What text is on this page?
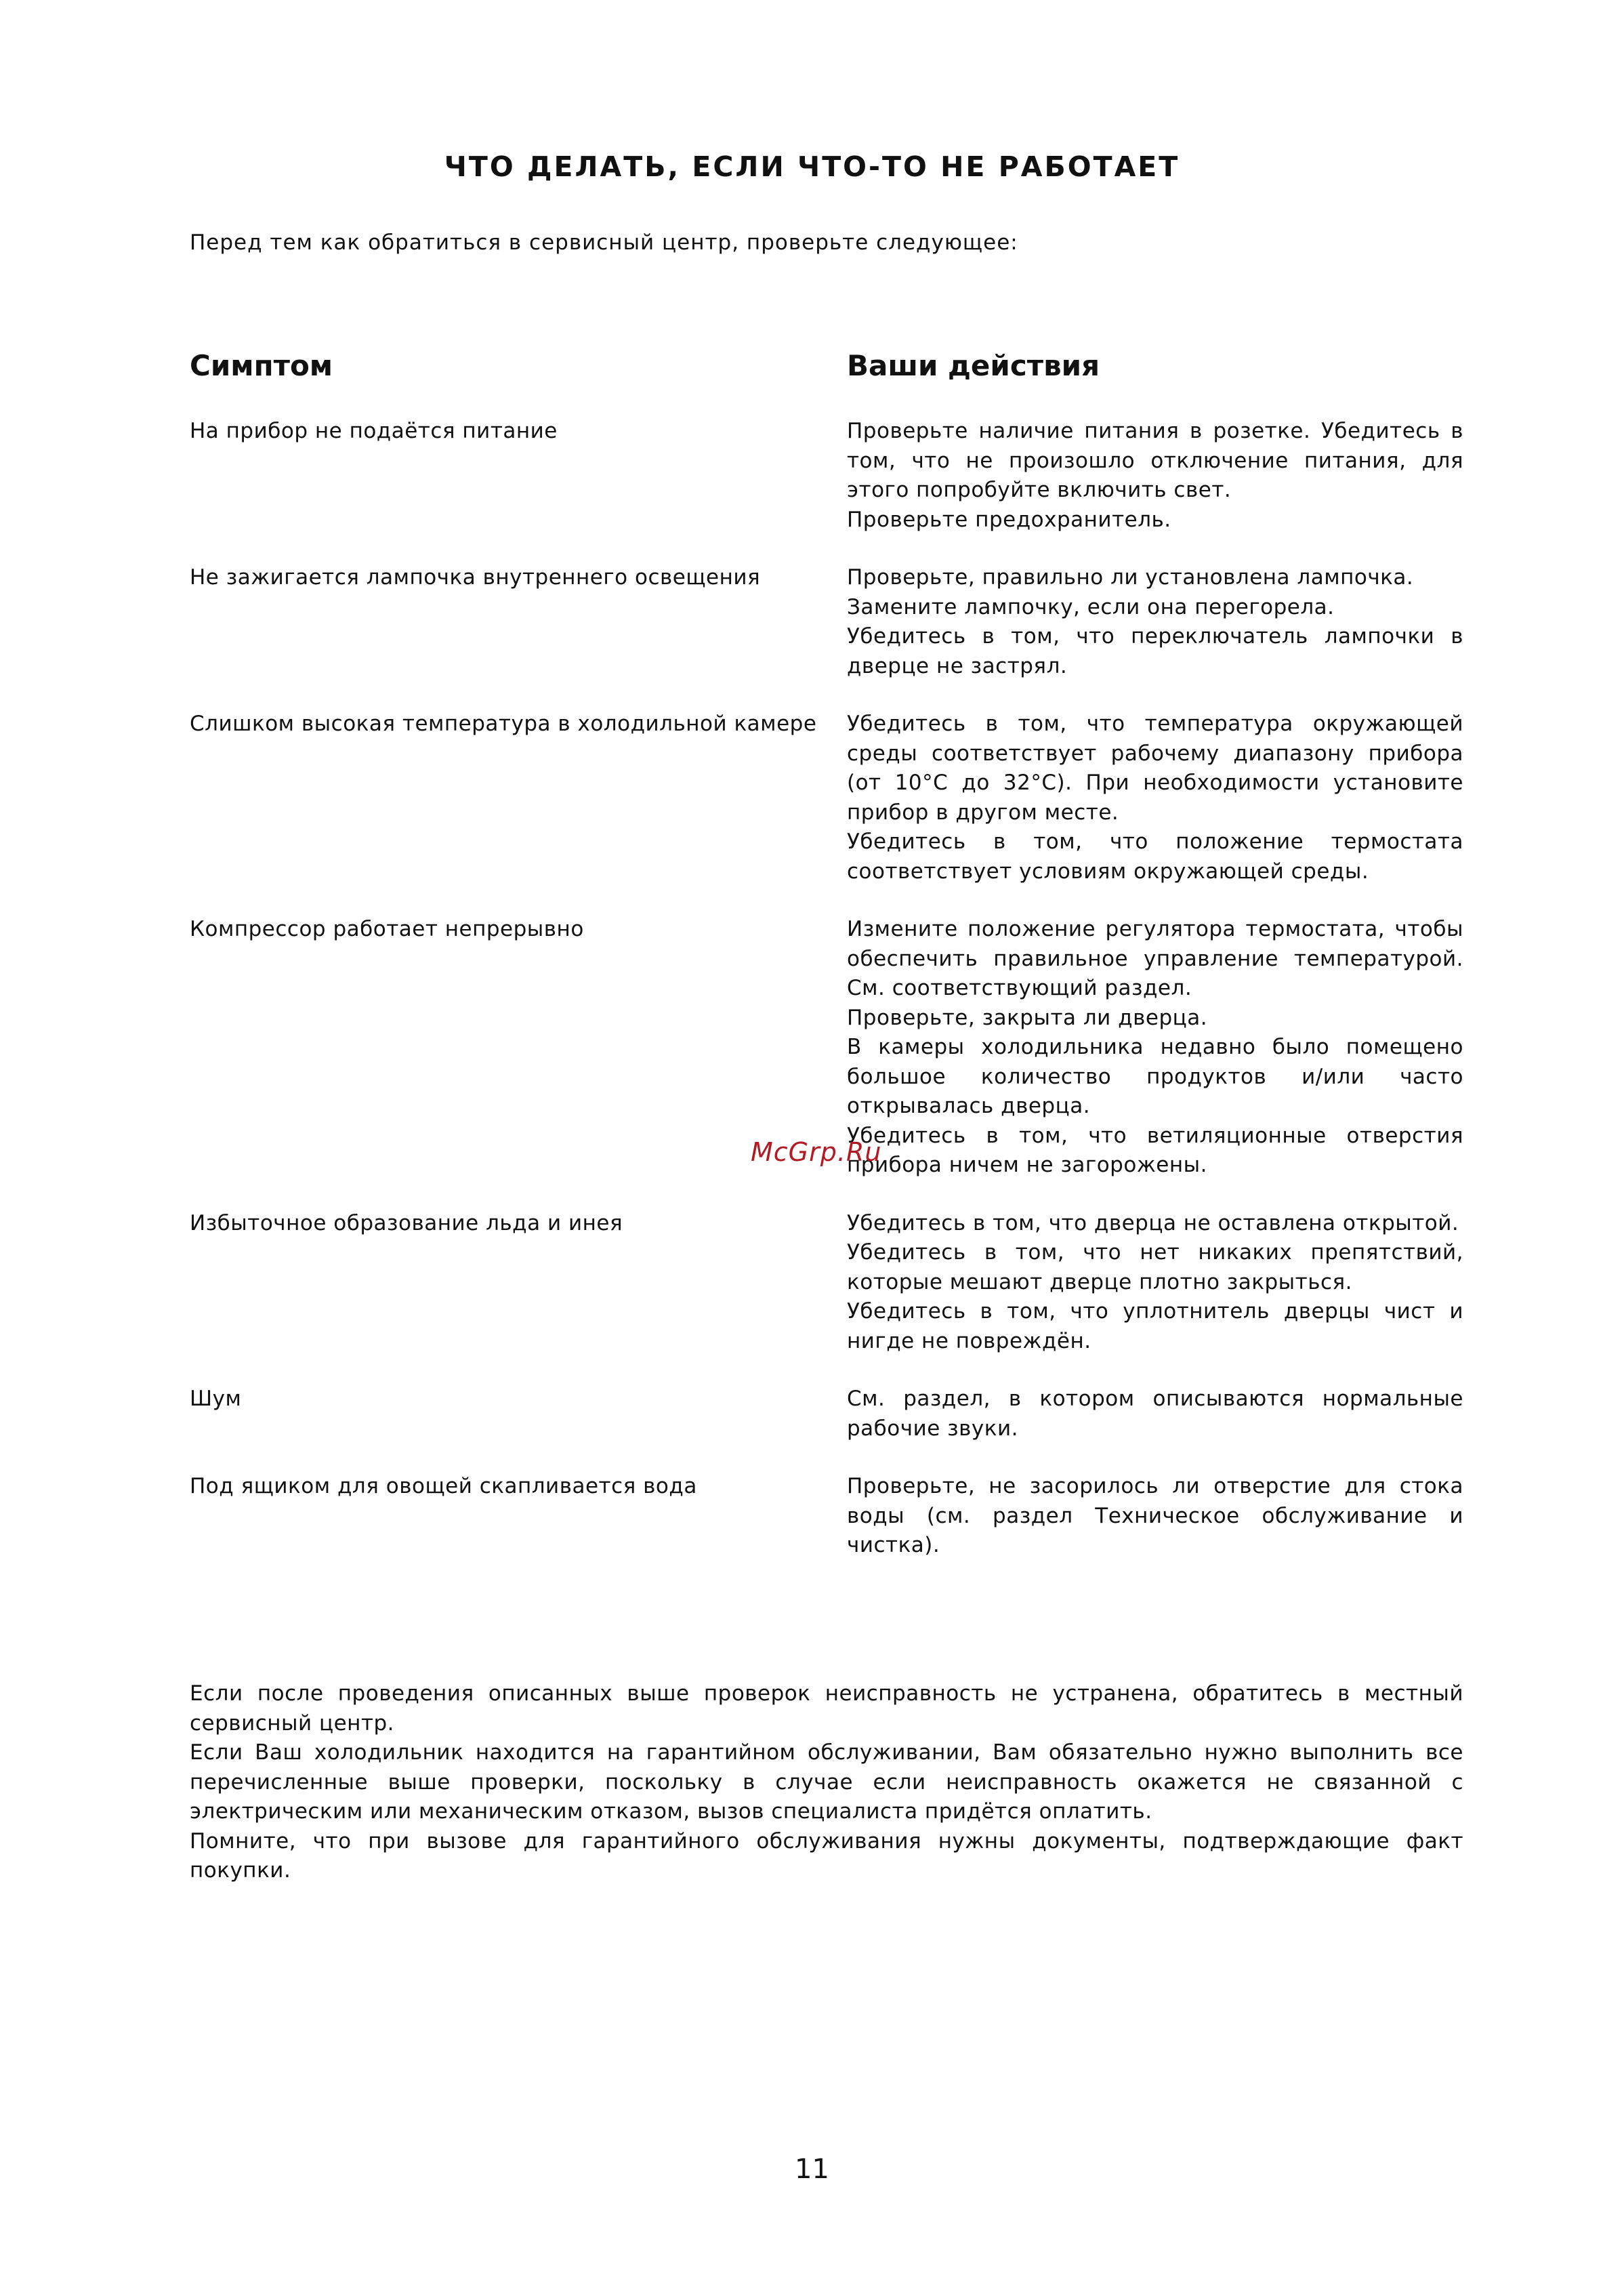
ЧТО ДЕЛАТЬ, ЕСЛИ ЧТО-ТО НЕ РАБОТАЕТ
Перед тем как обратиться в сервисный центр, проверьте следующее:
Симптом	Ваши действия
На прибор не подаётся питание	Проверьте наличие питания в розетке. Убедитесь в том, что не произошло отключение питания, для этого попробуйте включить свет.

Проверьте предохранитель.

Не зажигается лампочка внутреннего освещения	Проверьте, правильно ли установлена лампочка.

Замените лампочку, если она перегорела.

Убедитесь в том, что переключатель лампочки в дверце не застрял.

Слишком высокая температура в холодильной камере	Убедитесь в том, что температура окружающей среды соответствует рабочему диапазону прибора (от 10°С до 32°С). При необходимости установите прибор в другом месте.

Убедитесь в том, что положение термостата соответствует условиям окружающей среды.

Компрессор работает непрерывно	Измените положение регулятора термостата, чтобы обеспечить правильное управление температурой. См. соответствующий раздел.

Проверьте, закрыта ли дверца.

В камеры холодильника недавно было помещено большое количество продуктов и/или часто открывалась дверца.

Убедитесь в том, что ветиляционные отверстия прибора ничем не загорожены.

Избыточное образование льда и инея	Убедитесь в том, что дверца не оставлена открытой.

Убедитесь в том, что нет никаких препятствий, которые мешают дверце плотно закрыться.

Убедитесь в том, что уплотнитель дверцы чист и нигде не повреждён.

Шум	См. раздел, в котором описываются нормальные рабочие звуки.

Под ящиком для овощей скапливается вода	Проверьте, не засорилось ли отверстие для стока воды (см. раздел Техническое обслуживание и чистка).

Если после проведения описанных выше проверок неисправность не устранена, обратитесь в местный сервисный центр.

Если Ваш холодильник находится на гарантийном обслуживании, Вам обязательно нужно выполнить все перечисленные выше проверки, поскольку в случае если неисправность окажется не связанной с электрическим или механическим отказом, вызов специалиста придётся оплатить.

Помните, что при вызове для гарантийного обслуживания нужны документы, подтверждающие факт покупки.

McGrp.Ru
11
